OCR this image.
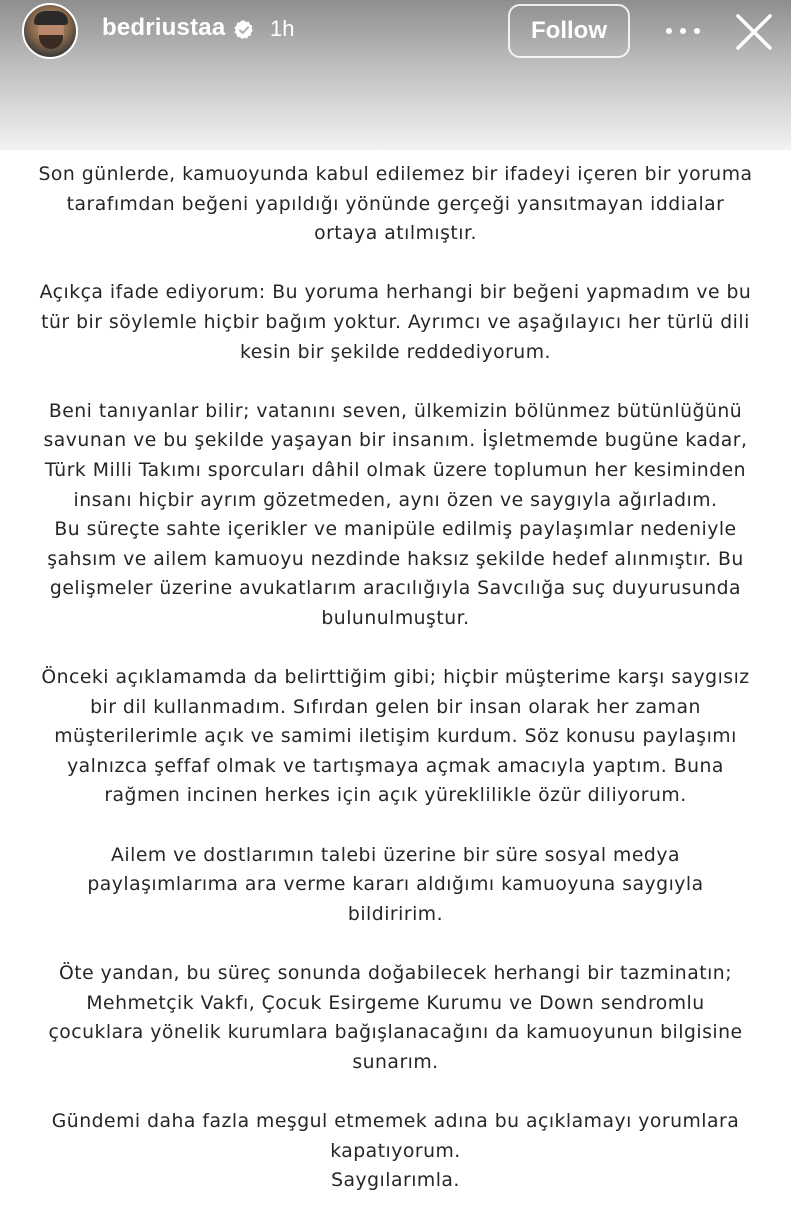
bedriustaa 1h	Follow

Son günlerde, kamuoyunda kabul edilemez bir ifadeyi içeren bir yoruma
tarafımdan beğeni yapıldığı yönünde gerçeği yansıtmayan iddialar
ortaya atılmıştır.

Açıkça ifade ediyorum: Bu yoruma herhangi bir beğeni yapmadım ve bu
tür bir söylemle hiçbir bağım yoktur. Ayrımcı ve aşağılayıcı her türlü dili
kesin bir şekilde reddediyorum.

Beni tanıyanlar bilir; vatanını seven, ülkemizin bölünmez bütünlüğünü
savunan ve bu şekilde yaşayan bir insanım. İşletmemde bugüne kadar,
Türk Milli Takımı sporcuları dâhil olmak üzere toplumun her kesiminden
insanı hiçbir ayrım gözetmeden, aynı özen ve saygıyla ağırladım.
Bu süreçte sahte içerikler ve manipüle edilmiş paylaşımlar nedeniyle
şahsım ve ailem kamuoyu nezdinde haksız şekilde hedef alınmıştır. Bu
gelişmeler üzerine avukatlarım aracılığıyla Savcılığa suç duyurusunda
bulunulmuştur.

Önceki açıklamamda da belirttiğim gibi; hiçbir müşterime karşı saygısız
bir dil kullanmadım. Sıfırdan gelen bir insan olarak her zaman
müşterilerimle açık ve samimi iletişim kurdum. Söz konusu paylaşımı
yalnızca şeffaf olmak ve tartışmaya açmak amacıyla yaptım. Buna
rağmen incinen herkes için açık yüreklilikle özür diliyorum.

Ailem ve dostlarımın talebi üzerine bir süre sosyal medya
paylaşımlarıma ara verme kararı aldığımı kamuoyuna saygıyla
bildiririm.

Öte yandan, bu süreç sonunda doğabilecek herhangi bir tazminatın;
Mehmetçik Vakfı, Çocuk Esirgeme Kurumu ve Down sendromlu
çocuklara yönelik kurumlara bağışlanacağını da kamuoyunun bilgisine
sunarım.

Gündemi daha fazla meşgul etmemek adına bu açıklamayı yorumlara
kapatıyorum.
Saygılarımla.
